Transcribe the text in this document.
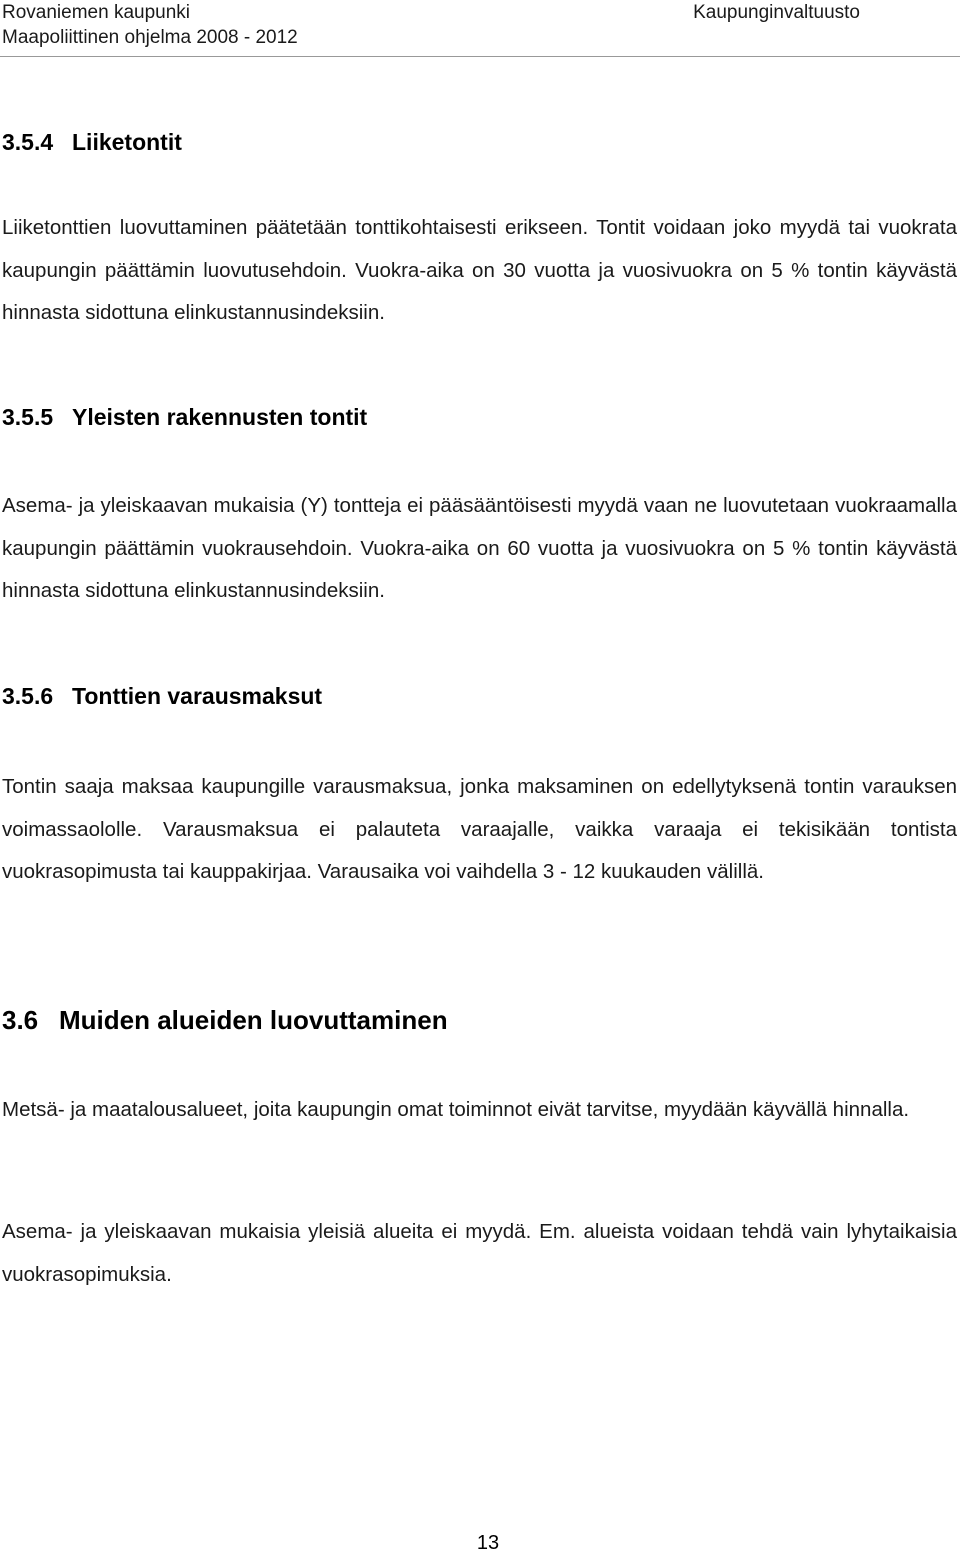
Rovaniemen kaupunki
Maapoliittinen ohjelma 2008 - 2012
Kaupunginvaltuusto
3.5.4 Liiketontit

Liiketonttien luovuttaminen päätetään tonttikohtaisesti erikseen. Tontit voidaan joko myydä tai vuokrata kaupungin päättämin luovutusehdoin. Vuokra-aika on 30 vuotta ja vuosivuokra on 5 % tontin käyvästä hinnasta sidottuna elinkustannusindeksiin.

3.5.5 Yleisten rakennusten tontit

Asema- ja yleiskaavan mukaisia (Y) tontteja ei pääsääntöisesti myydä vaan ne luovutetaan vuokraamalla kaupungin päättämin vuokrausehdoin. Vuokra-aika on 60 vuotta ja vuosivuokra on 5 % tontin käyvästä hinnasta sidottuna elinkustannusindeksiin.

3.5.6 Tonttien varausmaksut

Tontin saaja maksaa kaupungille varausmaksua, jonka maksaminen on edellytyksenä tontin varauksen voimassaololle. Varausmaksua ei palauteta varaajalle, vaikka varaaja ei tekisikään tontista vuokrasopimusta tai kauppakirjaa. Varausaika voi vaihdella 3 - 12 kuukauden välillä.

3.6 Muiden alueiden luovuttaminen

Metsä- ja maatalousalueet, joita kaupungin omat toiminnot eivät tarvitse, myydään käyvällä hinnalla.

Asema- ja yleiskaavan mukaisia yleisiä alueita ei myydä. Em. alueista voidaan tehdä vain lyhytaikaisia vuokrasopimuksia.

13
